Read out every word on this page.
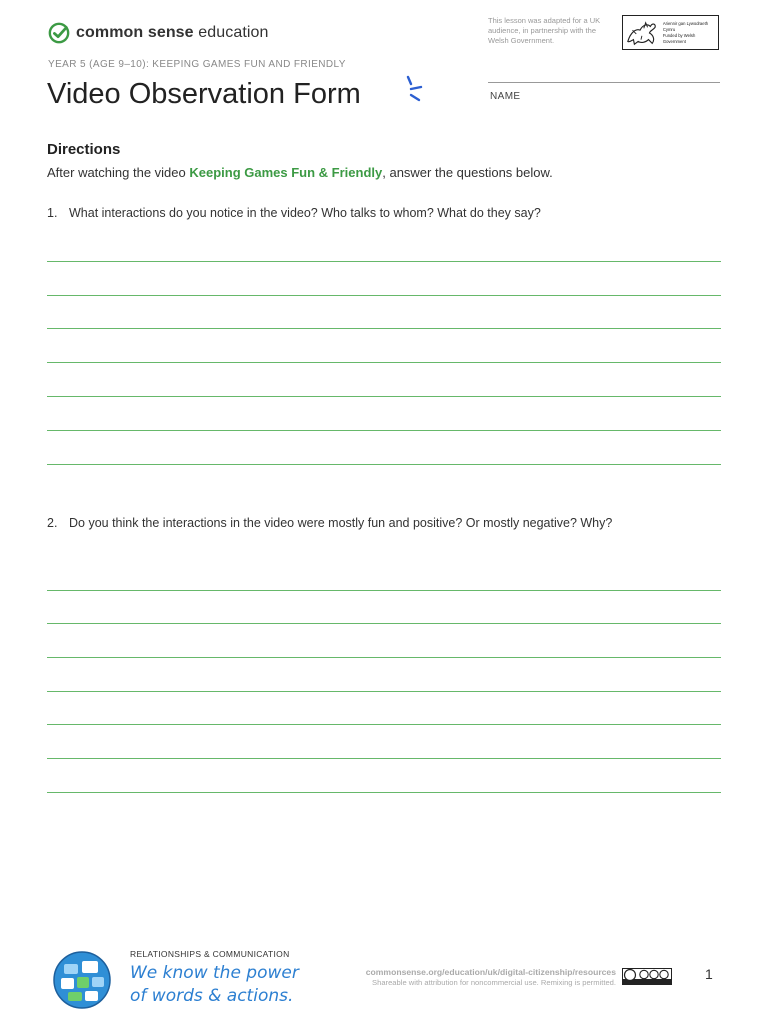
common sense education
This lesson was adapted for a UK audience, in partnership with the Welsh Government.
Ariennir gan Lywodraeth Cymru
Funded by Welsh Government
YEAR 5 (AGE 9–10): KEEPING GAMES FUN AND FRIENDLY
Video Observation Form	NAME
Directions
After watching the video Keeping Games Fun & Friendly, answer the questions below.
1. What interactions do you notice in the video? Who talks to whom? What do they say?
2. Do you think the interactions in the video were mostly fun and positive? Or mostly negative? Why?
RELATIONSHIPS & COMMUNICATION
We know the power
of words & actions.
commonsense.org/education/uk/digital-citizenship/resources
Shareable with attribution for noncommercial use. Remixing is permitted.
1
